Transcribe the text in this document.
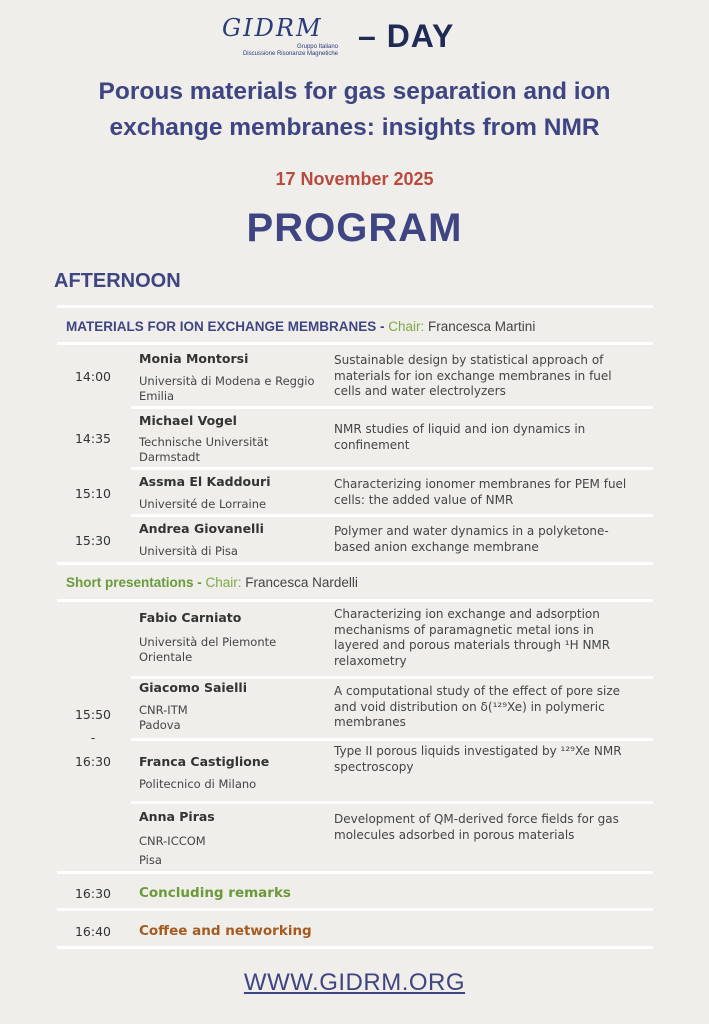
GIDRM
Gruppo Italiano
Discussione Risonanze Magnetiche – DAY
Porous materials for gas separation and ion
exchange membranes: insights from NMR
17 November 2025
PROGRAM
AFTERNOON
MATERIALS FOR ION EXCHANGE MEMBRANES - Chair: Francesca Martini
14:00
Monia Montorsi
Università di Modena e Reggio
Emilia
Sustainable design by statistical approach of
materials for ion exchange membranes in fuel
cells and water electrolyzers
14:35
Michael Vogel
Technische Universität
Darmstadt
NMR studies of liquid and ion dynamics in
confinement
15:10
Assma El Kaddouri
Université de Lorraine
Characterizing ionomer membranes for PEM fuel
cells: the added value of NMR
15:30
Andrea Giovanelli
Università di Pisa
Polymer and water dynamics in a polyketone-
based anion exchange membrane
Short presentations - Chair: Francesca Nardelli
15:50
-
16:30
Fabio Carniato
Università del Piemonte
Orientale
Characterizing ion exchange and adsorption
mechanisms of paramagnetic metal ions in
layered and porous materials through ¹H NMR
relaxometry
Giacomo Saielli
CNR-ITM
Padova
A computational study of the effect of pore size
and void distribution on δ(¹²⁹Xe) in polymeric
membranes
Franca Castiglione
Politecnico di Milano
Type II porous liquids investigated by ¹²⁹Xe NMR
spectroscopy
Anna Piras
CNR-ICCOM
Pisa
Development of QM-derived force fields for gas
molecules adsorbed in porous materials
16:30	Concluding remarks
16:40	Coffee and networking
WWW.GIDRM.ORG
